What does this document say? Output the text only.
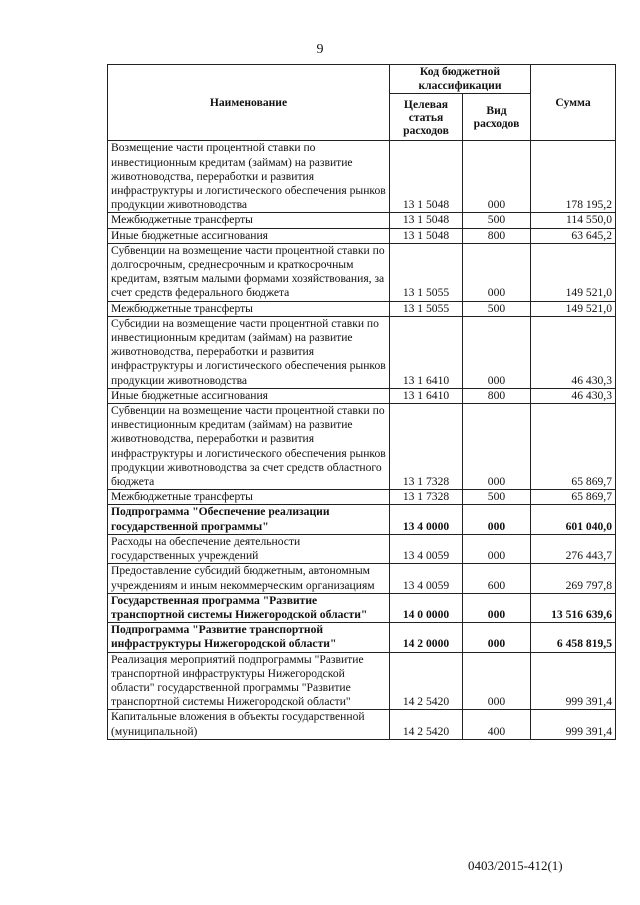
9
Наименование	Код бюджетной классификации		Сумма
	Целевая статья расходов	Вид расходов	
Возмещение части процентной ставки по инвестиционным кредитам (займам) на развитие животноводства, переработки и развития инфраструктуры и логистического обеспечения рынков продукции животноводства	13 1 5048	000	178 195,2
Межбюджетные трансферты	13 1 5048	500	114 550,0
Иные бюджетные ассигнования	13 1 5048	800	63 645,2
Субвенции на возмещение части процентной ставки по долгосрочным, среднесрочным и краткосрочным кредитам, взятым малыми формами хозяйствования, за счет средств федерального бюджета	13 1 5055	000	149 521,0
Межбюджетные трансферты	13 1 5055	500	149 521,0
Субсидии на возмещение части процентной ставки по инвестиционным кредитам (займам) на развитие животноводства, переработки и развития инфраструктуры и логистического обеспечения рынков продукции животноводства	13 1 6410	000	46 430,3
Иные бюджетные ассигнования	13 1 6410	800	46 430,3
Субвенции на возмещение части процентной ставки по инвестиционным кредитам (займам) на развитие животноводства, переработки и развития инфраструктуры и логистического обеспечения рынков продукции животноводства за счет средств областного бюджета	13 1 7328	000	65 869,7
Межбюджетные трансферты	13 1 7328	500	65 869,7
Подпрограмма "Обеспечение реализации государственной программы"	13 4 0000	000	601 040,0
Расходы на обеспечение деятельности государственных учреждений	13 4 0059	000	276 443,7
Предоставление субсидий бюджетным, автономным учреждениям и иным некоммерческим организациям	13 4 0059	600	269 797,8
Государственная программа "Развитие транспортной системы Нижегородской области"	14 0 0000	000	13 516 639,6
Подпрограмма "Развитие транспортной инфраструктуры Нижегородской области"	14 2 0000	000	6 458 819,5
Реализация мероприятий подпрограммы "Развитие транспортной инфраструктуры Нижегородской области" государственной программы "Развитие транспортной системы Нижегородской области"	14 2 5420	000	999 391,4
Капитальные вложения в объекты государственной (муниципальной)	14 2 5420	400	999 391,4
0403/2015-412(1)
